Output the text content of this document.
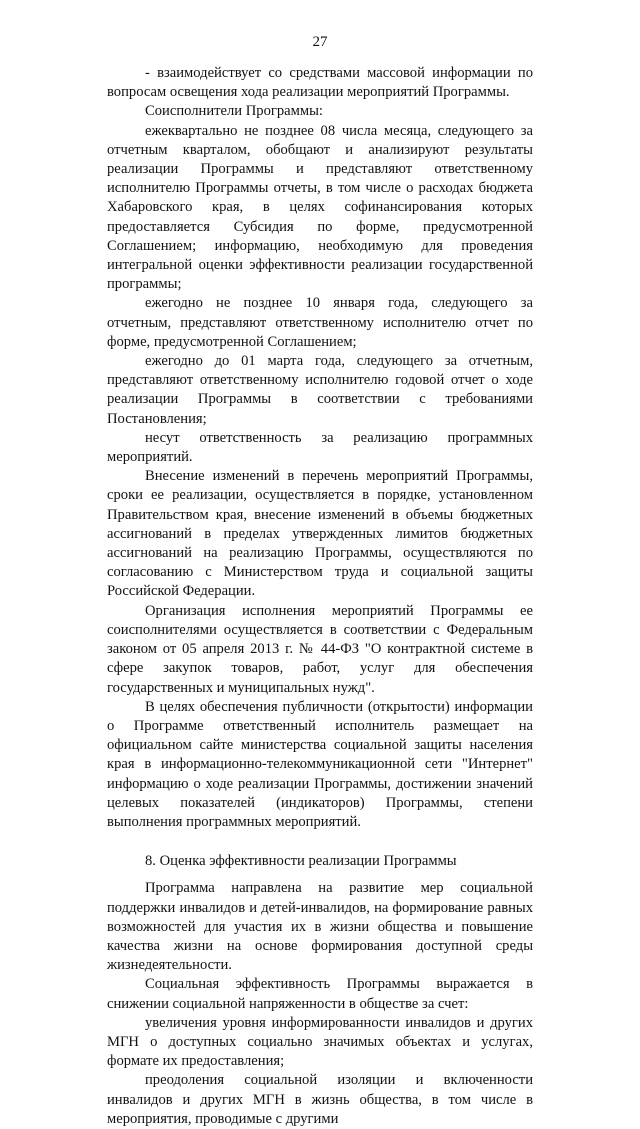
27

- взаимодействует со средствами массовой информации по вопросам освещения хода реализации мероприятий Программы.

Соисполнители Программы:

ежеквартально не позднее 08 числа месяца, следующего за отчетным кварталом, обобщают и анализируют результаты реализации Программы и представляют ответственному исполнителю Программы отчеты, в том числе о расходах бюджета Хабаровского края, в целях софинансирования которых предоставляется Субсидия по форме, предусмотренной Соглашением; информацию, необходимую для проведения интегральной оценки эффективности реализации государственной программы;

ежегодно не позднее 10 января года, следующего за отчетным, представляют ответственному исполнителю отчет по форме, предусмотренной Соглашением;

ежегодно до 01 марта года, следующего за отчетным, представляют ответственному исполнителю годовой отчет о ходе реализации Программы в соответствии с требованиями Постановления;

несут ответственность за реализацию программных мероприятий.

Внесение изменений в перечень мероприятий Программы, сроки ее реализации, осуществляется в порядке, установленном Правительством края, внесение изменений в объемы бюджетных ассигнований в пределах утвержденных лимитов бюджетных ассигнований на реализацию Программы, осуществляются по согласованию с Министерством труда и социальной защиты Российской Федерации.

Организация исполнения мероприятий Программы ее соисполнителями осуществляется в соответствии с Федеральным законом от 05 апреля 2013 г. № 44-ФЗ "О контрактной системе в сфере закупок товаров, работ, услуг для обеспечения государственных и муниципальных нужд".

В целях обеспечения публичности (открытости) информации о Программе ответственный исполнитель размещает на официальном сайте министерства социальной защиты населения края в информационно-телекоммуникационной сети "Интернет" информацию о ходе реализации Программы, достижении значений целевых показателей (индикаторов) Программы, степени выполнения программных мероприятий.

8. Оценка эффективности реализации Программы

Программа направлена на развитие мер социальной поддержки инвалидов и детей-инвалидов, на формирование равных возможностей для участия их в жизни общества и повышение качества жизни на основе формирования доступной среды жизнедеятельности.

Социальная эффективность Программы выражается в снижении социальной напряженности в обществе за счет:

увеличения уровня информированности инвалидов и других МГН о доступных социально значимых объектах и услугах, формате их предоставления;

преодоления социальной изоляции и включенности инвалидов и других МГН в жизнь общества, в том числе в мероприятия, проводимые с другими
